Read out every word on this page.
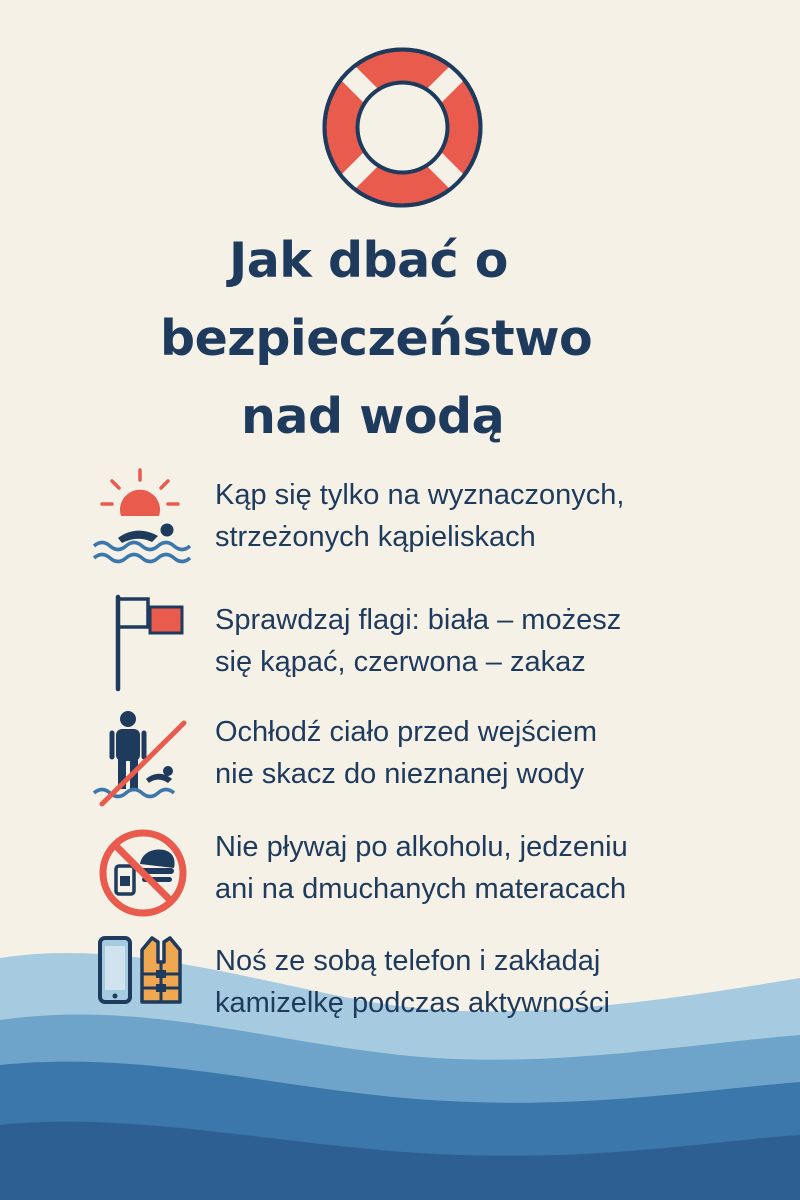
Jak dbać o
bezpieczeństwo
nad wodą
Kąp się tylko na wyznaczonych,
strzeżonych kąpieliskach
Sprawdzaj flagi: biała – możesz
się kąpać, czerwona – zakaz
Ochłodź ciało przed wejściem
nie skacz do nieznanej wody
Nie pływaj po alkoholu, jedzeniu
ani na dmuchanych materacach
Noś ze sobą telefon i zakładaj
kamizelkę podczas aktywności
